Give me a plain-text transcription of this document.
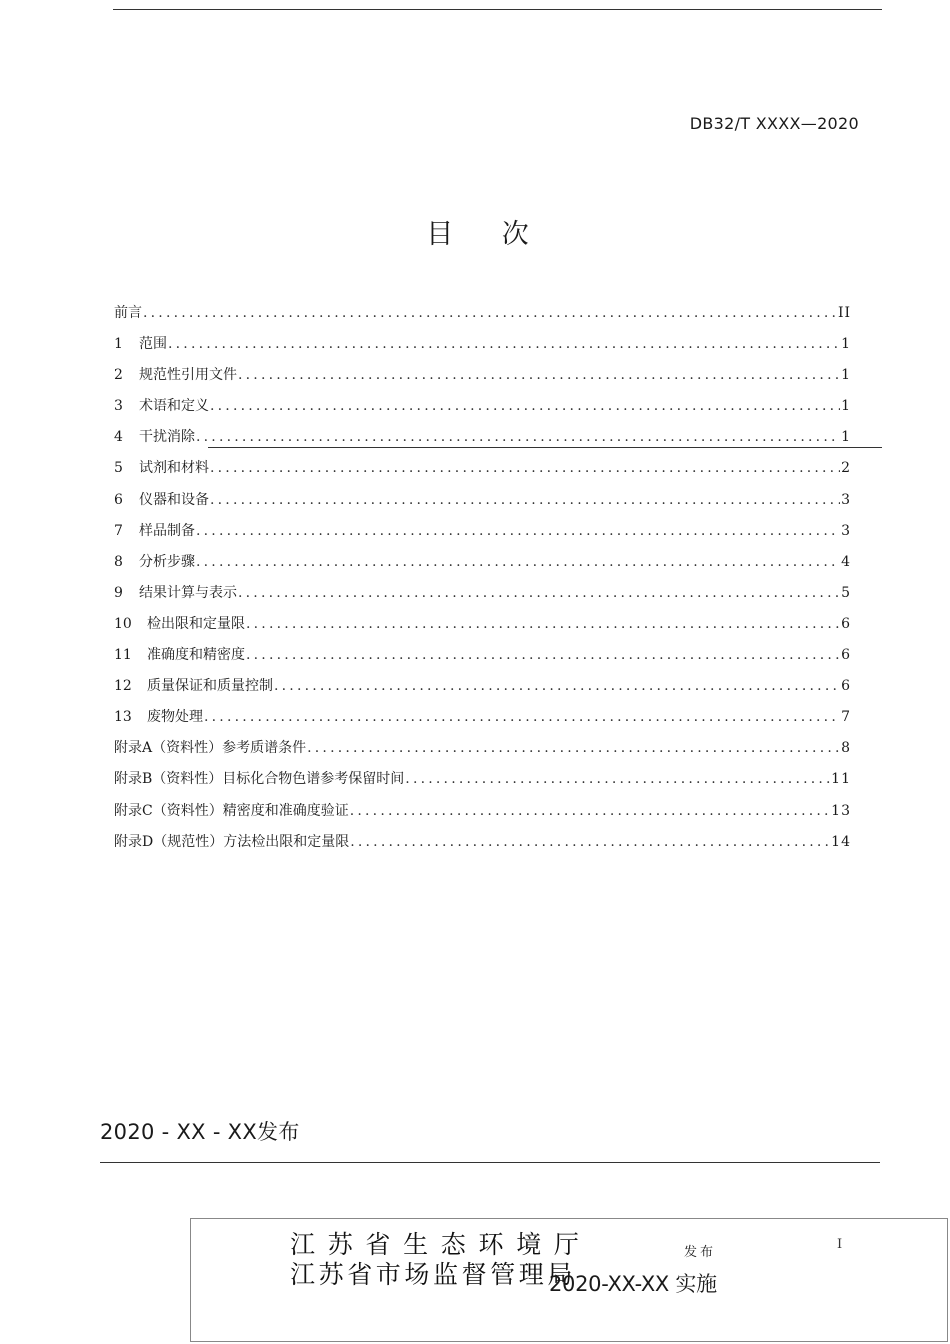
DB32/T XXXX—2020
目 次
前言 .....	II
1	范围 .....	1
2	规范性引用文件 .....	1
3	术语和定义 .....	1
4	干扰消除 .....	1
5	试剂和材料 .....	2
6	仪器和设备 .....	3
7	样品制备 .....	3
8	分析步骤 .....	4
9	结果计算与表示 .....	5
10	检出限和定量限 .....	6
11	准确度和精密度 .....	6
12	质量保证和质量控制 .....	6
13	废物处理 .....	7
附录A（资料性）参考质谱条件 .....	8
附录B（资料性）目标化合物色谱参考保留时间 .....	11
附录C（资料性）精密度和准确度验证 .....	13
附录D（规范性）方法检出限和定量限 .....	14
2020 - XX - XX发布
江苏省生态环境厅
江苏省市场监督管理局
发布
I
2020-XX-XX 实施
